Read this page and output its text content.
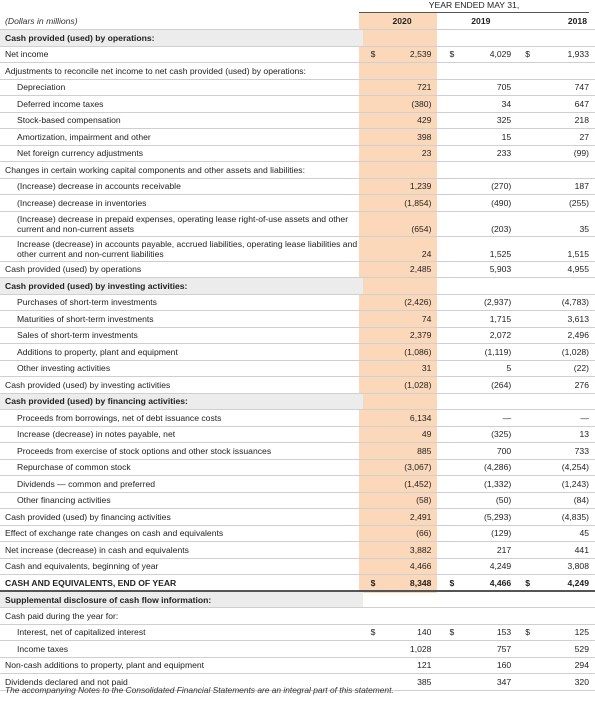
YEAR ENDED MAY 31,
(Dollars in millions)	2020	2019	2018
Cash provided (used) by operations:			
Net income	$ 2,539	$ 4,029	$ 1,933
Adjustments to reconcile net income to net cash provided (used) by operations:			
Depreciation	721	705	747
Deferred income taxes	(380)	34	647
Stock-based compensation	429	325	218
Amortization, impairment and other	398	15	27
Net foreign currency adjustments	23	233	(99)
Changes in certain working capital components and other assets and liabilities:			
(Increase) decrease in accounts receivable	1,239	(270)	187
(Increase) decrease in inventories	(1,854)	(490)	(255)
(Increase) decrease in prepaid expenses, operating lease right-of-use assets and other current and non-current assets	(654)	(203)	35
Increase (decrease) in accounts payable, accrued liabilities, operating lease liabilities and other current and non-current liabilities	24	1,525	1,515
Cash provided (used) by operations	2,485	5,903	4,955
Cash provided (used) by investing activities:			
Purchases of short-term investments	(2,426)	(2,937)	(4,783)
Maturities of short-term investments	74	1,715	3,613
Sales of short-term investments	2,379	2,072	2,496
Additions to property, plant and equipment	(1,086)	(1,119)	(1,028)
Other investing activities	31	5	(22)
Cash provided (used) by investing activities	(1,028)	(264)	276
Cash provided (used) by financing activities:			
Proceeds from borrowings, net of debt issuance costs	6,134	—	—
Increase (decrease) in notes payable, net	49	(325)	13
Proceeds from exercise of stock options and other stock issuances	885	700	733
Repurchase of common stock	(3,067)	(4,286)	(4,254)
Dividends — common and preferred	(1,452)	(1,332)	(1,243)
Other financing activities	(58)	(50)	(84)
Cash provided (used) by financing activities	2,491	(5,293)	(4,835)
Effect of exchange rate changes on cash and equivalents	(66)	(129)	45
Net increase (decrease) in cash and equivalents	3,882	217	441
Cash and equivalents, beginning of year	4,466	4,249	3,808
CASH AND EQUIVALENTS, END OF YEAR	$ 8,348	$ 4,466	$ 4,249
Supplemental disclosure of cash flow information:			
Cash paid during the year for:			
Interest, net of capitalized interest	$ 140	$ 153	$ 125
Income taxes	1,028	757	529
Non-cash additions to property, plant and equipment	121	160	294
Dividends declared and not paid	385	347	320
The accompanying Notes to the Consolidated Financial Statements are an integral part of this statement.
